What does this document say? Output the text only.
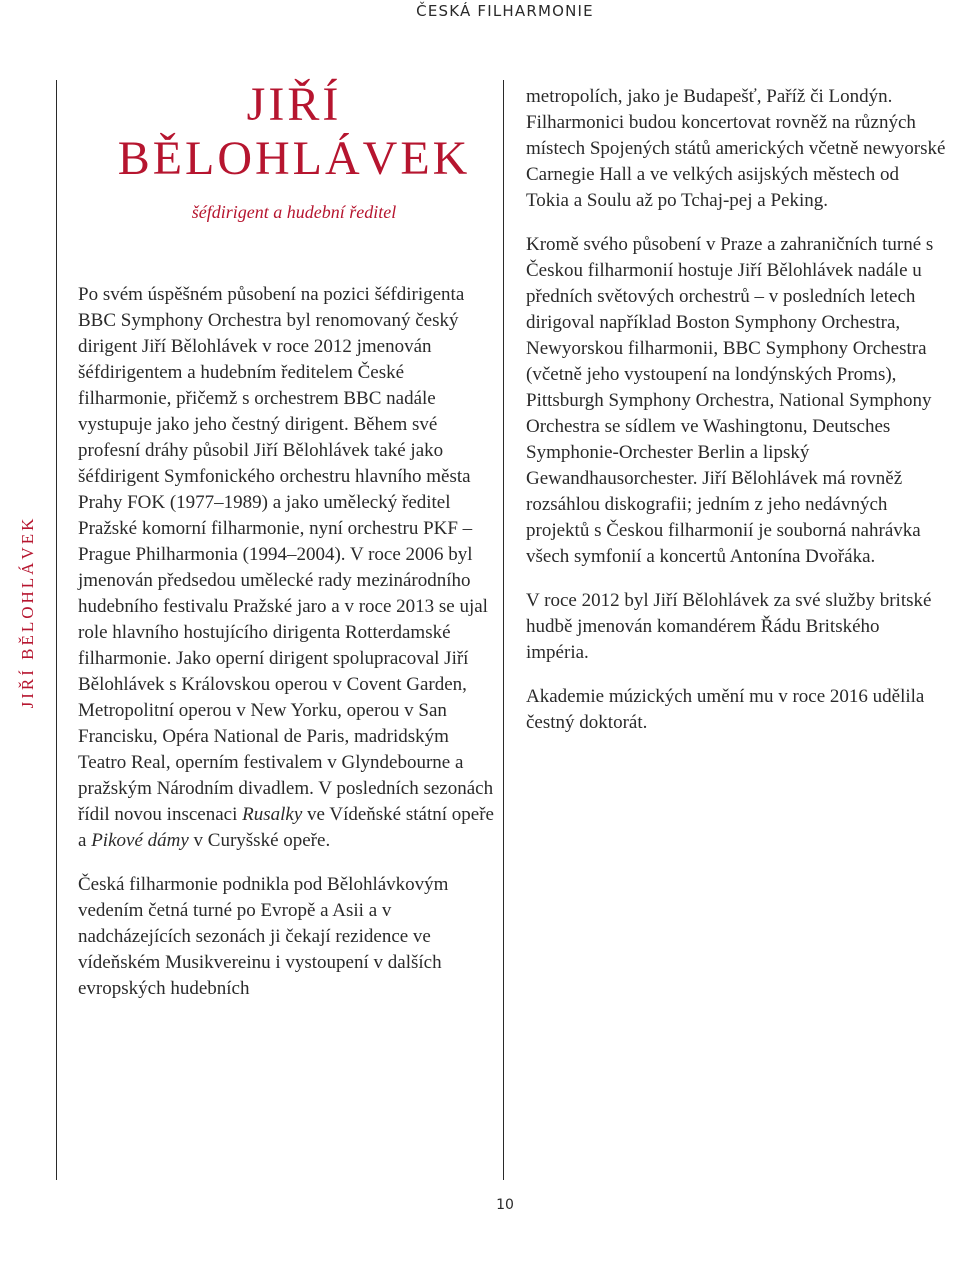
ČESKÁ FILHARMONIE
JIŘÍ BĚLOHLÁVEK
JIŘÍ
BĚLOHLÁVEK
šéfdirigent a hudební ředitel

Po svém úspěšném působení na pozici šéfdirigenta BBC Symphony Orchestra byl renomovaný český dirigent Jiří Bělohlávek v roce 2012 jmenován šéfdirigentem a hudebním ředitelem České filharmonie, přičemž s orchestrem BBC nadále vystupuje jako jeho čestný dirigent. Během své profesní dráhy působil Jiří Bělohlávek také jako šéfdirigent Symfonického orchestru hlavního města Prahy FOK (1977–1989) a jako umělecký ředitel Pražské komorní filharmonie, nyní orchestru PKF – Prague Philharmonia (1994–2004). V roce 2006 byl jmenován předsedou umělecké rady mezinárodního hudebního festivalu Pražské jaro a v roce 2013 se ujal role hlavního hostujícího dirigenta Rotterdamské filharmonie. Jako operní dirigent spolupracoval Jiří Bělohlávek s Královskou operou v Covent Garden, Metropolitní operou v New Yorku, operou v San Francisku, Opéra National de Paris, madridským Teatro Real, operním festivalem v Glyndebourne a pražským Národním divadlem. V posledních sezonách řídil novou inscenaci Rusalky ve Vídeňské státní opeře a Pikové dámy v Curyšské opeře.

Česká filharmonie podnikla pod Bělohlávkovým vedením četná turné po Evropě a Asii a v nadcházejících sezonách ji čekají rezidence ve vídeňském Musikvereinu i vystoupení v dalších evropských hudebních

metropolích, jako je Budapešť, Paříž či Londýn. Filharmonici budou koncertovat rovněž na různých místech Spojených států amerických včetně newyorské Carnegie Hall a ve velkých asijských městech od Tokia a Soulu až po Tchaj-pej a Peking.

Kromě svého působení v Praze a zahraničních turné s Českou filharmonií hostuje Jiří Bělohlávek nadále u předních světových orchestrů – v posledních letech dirigoval například Boston Symphony Orchestra, Newyorskou filharmonii, BBC Symphony Orchestra (včetně jeho vystoupení na londýnských Proms), Pittsburgh Symphony Orchestra, National Symphony Orchestra se sídlem ve Washingtonu, Deutsches Symphonie-Orchester Berlin a lipský Gewandhausorchester. Jiří Bělohlávek má rovněž rozsáhlou diskografii; jedním z jeho nedávných projektů s Českou filharmonií je souborná nahrávka všech symfonií a koncertů Antonína Dvořáka.

V roce 2012 byl Jiří Bělohlávek za své služby britské hudbě jmenován komandérem Řádu Britského impéria.

Akademie múzických umění mu v roce 2016 udělila čestný doktorát.

10
